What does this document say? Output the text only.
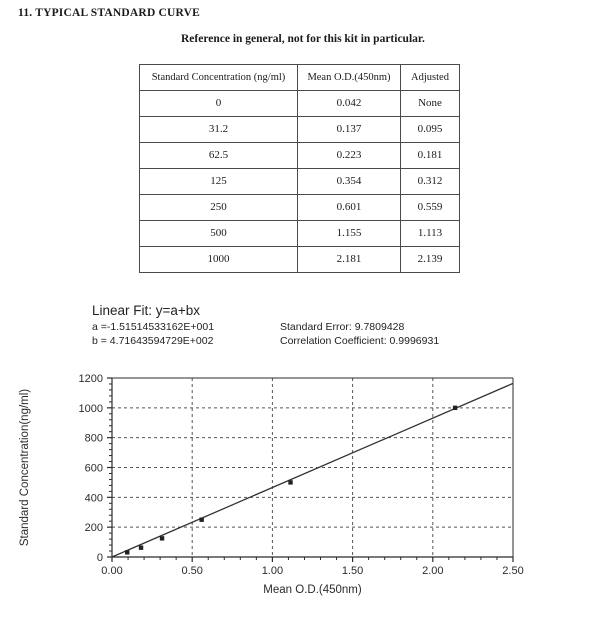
11. TYPICAL STANDARD CURVE
Reference in general, not for this kit in particular.
Standard Concentration (ng/ml)	Mean O.D.(450nm)	Adjusted
0	0.042	None
31.2	0.137	0.095
62.5	0.223	0.181
125	0.354	0.312
250	0.601	0.559
500	1.155	1.113
1000	2.181	2.139
Linear Fit: y=a+bx
a =-1.51514533162E+001	Standard Error: 9.7809428
b = 4.71643594729E+002	Correlation Coefficient: 0.9996931
0
200
400
600
800
1000
1200
0.00	0.50	1.00	1.50	2.00	2.50
Mean O.D.(450nm)
Standard Concentration(ng/ml)
